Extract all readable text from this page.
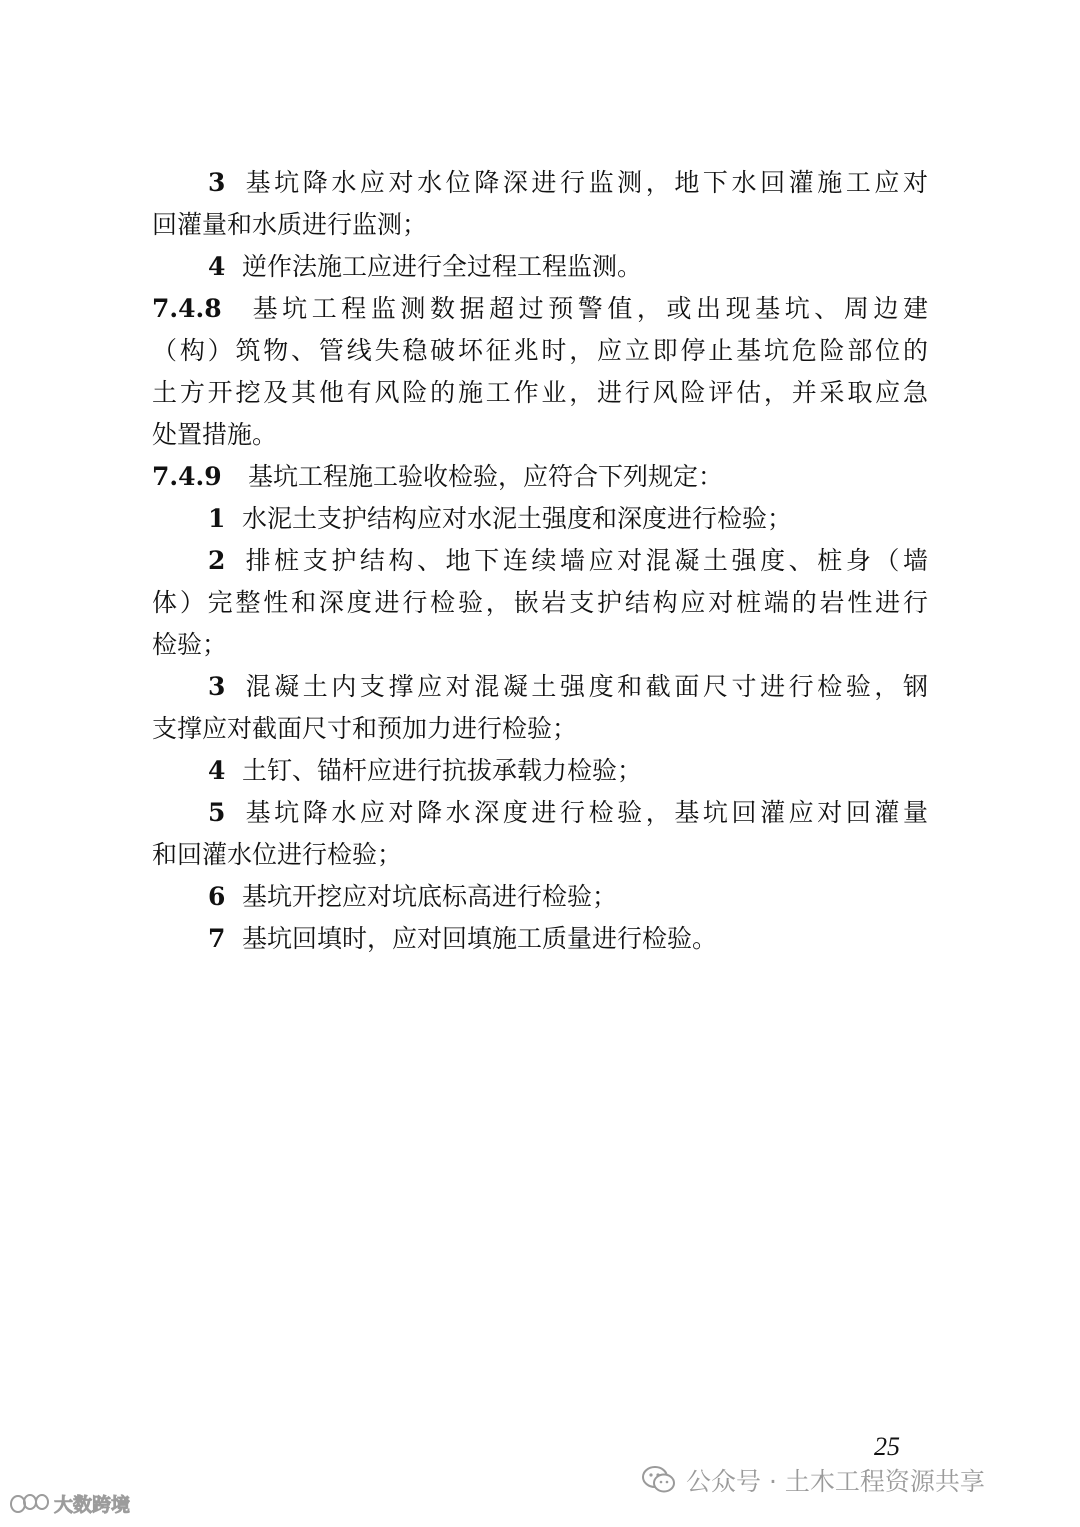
3 基坑降水应对水位降深进行监测，地下水回灌施工应对
回灌量和水质进行监测；
4 逆作法施工应进行全过程工程监测。
7.4.8 基坑工程监测数据超过预警值，或出现基坑、周边建
（构）筑物、管线失稳破坏征兆时，应立即停止基坑危险部位的
土方开挖及其他有风险的施工作业，进行风险评估，并采取应急
处置措施。
7.4.9 基坑工程施工验收检验，应符合下列规定：
1 水泥土支护结构应对水泥土强度和深度进行检验；
2 排桩支护结构、地下连续墙应对混凝土强度、桩身（墙
体）完整性和深度进行检验，嵌岩支护结构应对桩端的岩性进行
检验；
3 混凝土内支撑应对混凝土强度和截面尺寸进行检验，钢
支撑应对截面尺寸和预加力进行检验；
4 土钉、锚杆应进行抗拔承载力检验；
5 基坑降水应对降水深度进行检验，基坑回灌应对回灌量
和回灌水位进行检验；
6 基坑开挖应对坑底标高进行检验；
7 基坑回填时，应对回填施工质量进行检验。
25
公众号 · 土木工程资源共享
大数跨境
